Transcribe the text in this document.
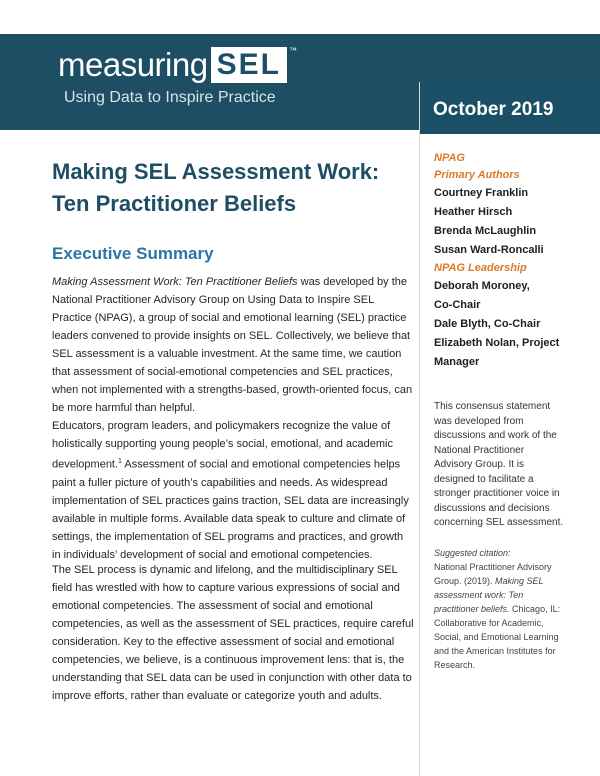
measuring SEL ™
Using Data to Inspire Practice
October 2019
NPAG
Primary Authors
Courtney Franklin
Heather Hirsch
Brenda McLaughlin
Susan Ward-Roncalli
NPAG Leadership
Deborah Moroney,
Co-Chair
Dale Blyth, Co-Chair
Elizabeth Nolan, Project
Manager
This consensus statement
was developed from
discussions and work of the
National Practitioner
Advisory Group. It is
designed to facilitate a
stronger practitioner voice in
discussions and decisions
concerning SEL assessment.
Suggested citation:
National Practitioner Advisory
Group. (2019). Making SEL
assessment work: Ten
practitioner beliefs. Chicago, IL:
Collaborative for Academic,
Social, and Emotional Learning
and the American Institutes for
Research.
Making SEL Assessment Work:
Ten Practitioner Beliefs
Executive Summary
Making Assessment Work: Ten Practitioner Beliefs was developed by the National Practitioner Advisory Group on Using Data to Inspire SEL Practice (NPAG), a group of social and emotional learning (SEL) practice leaders convened to provide insights on SEL. Collectively, we believe that SEL assessment is a valuable investment. At the same time, we caution that assessment of social-emotional competencies and SEL practices, when not implemented with a strengths-based, growth-oriented focus, can be more harmful than helpful.
Educators, program leaders, and policymakers recognize the value of holistically supporting young people’s social, emotional, and academic development.$^1$ Assessment of social and emotional competencies helps paint a fuller picture of youth’s capabilities and needs. As widespread implementation of SEL practices gains traction, SEL data are increasingly available in multiple forms. Available data speak to culture and climate of settings, the implementation of SEL programs and practices, and growth in individuals’ development of social and emotional competencies.
The SEL process is dynamic and lifelong, and the multidisciplinary SEL field has wrestled with how to capture various expressions of social and emotional competencies. The assessment of social and emotional competencies, as well as the assessment of SEL practices, require careful consideration. Key to the effective assessment of social and emotional competencies, we believe, is a continuous improvement lens: that is, the understanding that SEL data can be used in conjunction with other data to improve efforts, rather than evaluate or categorize youth and adults.
